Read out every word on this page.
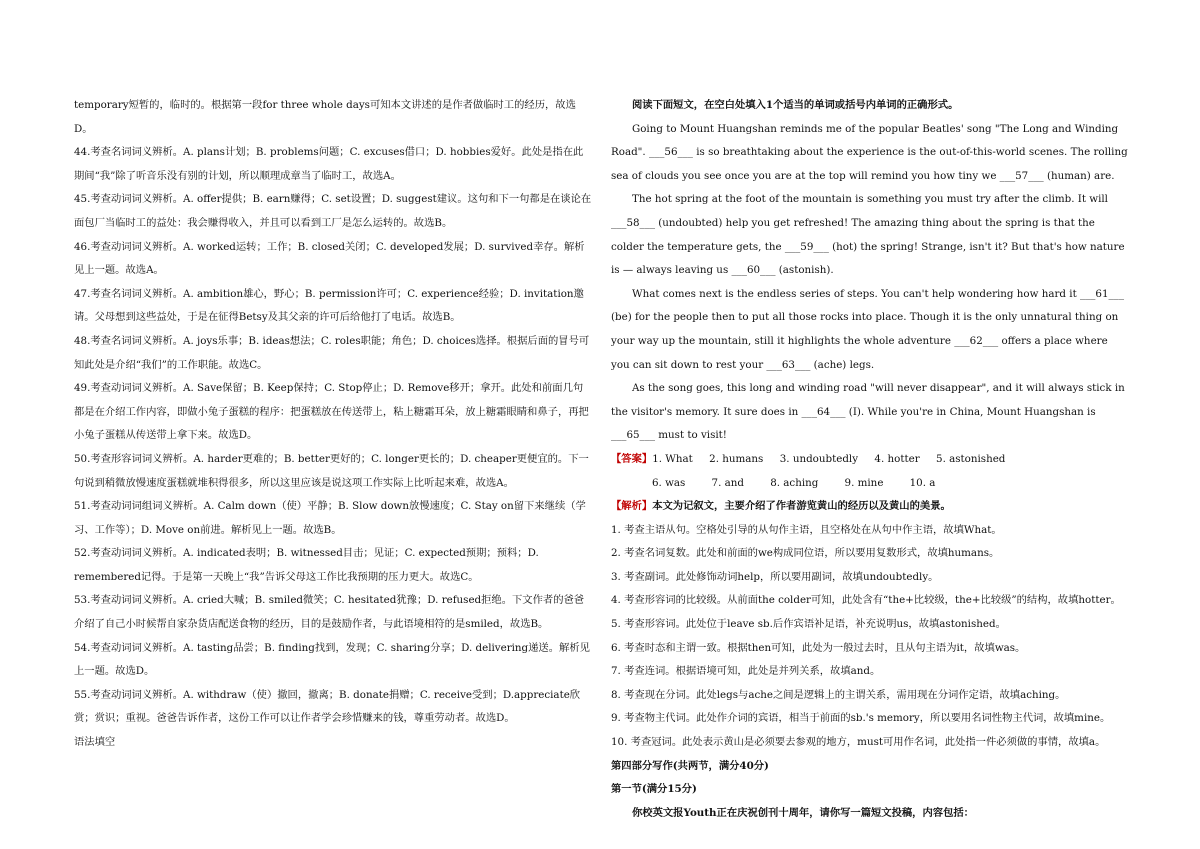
temporary短暂的，临时的。根据第一段for three whole days可知本文讲述的是作者做临时工的经历，故选D。

44.考查名词词义辨析。A. plans计划；B. problems问题；C. excuses借口；D. hobbies爱好。此处是指在此期间“我”除了听音乐没有别的计划，所以顺理成章当了临时工，故选A。

45.考查动词词义辨析。A. offer提供；B. earn赚得；C. set设置；D. suggest建议。这句和下一句都是在谈论在面包厂当临时工的益处：我会赚得收入，并且可以看到工厂是怎么运转的。故选B。

46.考查动词词义辨析。A. worked运转；工作；B. closed关闭；C. developed发展；D. survived幸存。解析见上一题。故选A。

47.考查名词词义辨析。A. ambition雄心，野心；B. permission许可；C. experience经验；D. invitation邀请。父母想到这些益处，于是在征得Betsy及其父亲的许可后给他打了电话。故选B。

48.考查名词词义辨析。A. joys乐事；B. ideas想法；C. roles职能；角色；D. choices选择。根据后面的冒号可知此处是介绍“我们”的工作职能。故选C。

49.考查动词词义辨析。A. Save保留；B. Keep保持；C. Stop停止；D. Remove移开；拿开。此处和前面几句都是在介绍工作内容，即做小兔子蛋糕的程序：把蛋糕放在传送带上，粘上糖霜耳朵，放上糖霜眼睛和鼻子，再把小兔子蛋糕从传送带上拿下来。故选D。

50.考查形容词词义辨析。A. harder更难的；B. better更好的；C. longer更长的；D. cheaper更便宜的。下一句说到稍微放慢速度蛋糕就堆积得很多，所以这里应该是说这项工作实际上比听起来难，故选A。

51.考查动词词组词义辨析。A. Calm down（使）平静；B. Slow down放慢速度；C. Stay on留下来继续（学习、工作等）；D. Move on前进。解析见上一题。故选B。

52.考查动词词义辨析。A. indicated表明；B. witnessed目击；见证；C. expected预期；预料；D. remembered记得。于是第一天晚上“我”告诉父母这工作比我预期的压力更大。故选C。

53.考查动词词义辨析。A. cried大喊；B. smiled微笑；C. hesitated犹豫；D. refused拒绝。下文作者的爸爸介绍了自己小时候帮自家杂货店配送食物的经历，目的是鼓励作者，与此语境相符的是smiled，故选B。

54.考查动词词义辨析。A. tasting品尝；B. finding找到，发现；C. sharing分享；D. delivering递送。解析见上一题。故选D。

55.考查动词词义辨析。A. withdraw（使）撤回，撤离；B. donate捐赠；C. receive受到；D.appreciate欣赏；赏识；重视。爸爸告诉作者，这份工作可以让作者学会珍惜赚来的钱，尊重劳动者。故选D。

语法填空

阅读下面短文，在空白处填入1个适当的单词或括号内单词的正确形式。

Going to Mount Huangshan reminds me of the popular Beatles' song "The Long and Winding Road". ___56___ is so breathtaking about the experience is the out-of-this-world scenes. The rolling sea of clouds you see once you are at the top will remind you how tiny we ___57___ (human) are.

The hot spring at the foot of the mountain is something you must try after the climb. It will ___58___ (undoubted) help you get refreshed! The amazing thing about the spring is that the colder the temperature gets, the ___59___ (hot) the spring! Strange, isn't it? But that's how nature is — always leaving us ___60___ (astonish).

What comes next is the endless series of steps. You can't help wondering how hard it ___61___ (be) for the people then to put all those rocks into place. Though it is the only unnatural thing on your way up the mountain, still it highlights the whole adventure ___62___ offers a place where you can sit down to rest your ___63___ (ache) legs.

As the song goes, this long and winding road "will never disappear", and it will always stick in the visitor's memory. It sure does in ___64___ (I). While you're in China, Mount Huangshan is ___65___ must to visit!

【答案】1. What 2. humans 3. undoubtedly 4. hotter 5. astonished

6. was	7. and	8. aching	9. mine	10. a

【解析】本文为记叙文，主要介绍了作者游览黄山的经历以及黄山的美景。

1. 考查主语从句。空格处引导的从句作主语，且空格处在从句中作主语，故填What。

2. 考查名词复数。此处和前面的we构成同位语，所以要用复数形式，故填humans。

3. 考查副词。此处修饰动词help，所以要用副词，故填undoubtedly。

4. 考查形容词的比较级。从前面the colder可知，此处含有“the+比较级，the+比较级”的结构，故填hotter。

5. 考查形容词。此处位于leave sb.后作宾语补足语，补充说明us，故填astonished。

6. 考查时态和主谓一致。根据then可知，此处为一般过去时，且从句主语为it，故填was。

7. 考查连词。根据语境可知，此处是并列关系，故填and。

8. 考查现在分词。此处legs与ache之间是逻辑上的主谓关系，需用现在分词作定语，故填aching。

9. 考查物主代词。此处作介词的宾语，相当于前面的sb.'s memory，所以要用名词性物主代词，故填mine。

10. 考查冠词。此处表示黄山是必须要去参观的地方，must可用作名词，此处指一件必须做的事情，故填a。

第四部分写作(共两节，满分40分)

第一节(满分15分)

你校英文报Youth正在庆祝创刊十周年，请你写一篇短文投稿，内容包括：
